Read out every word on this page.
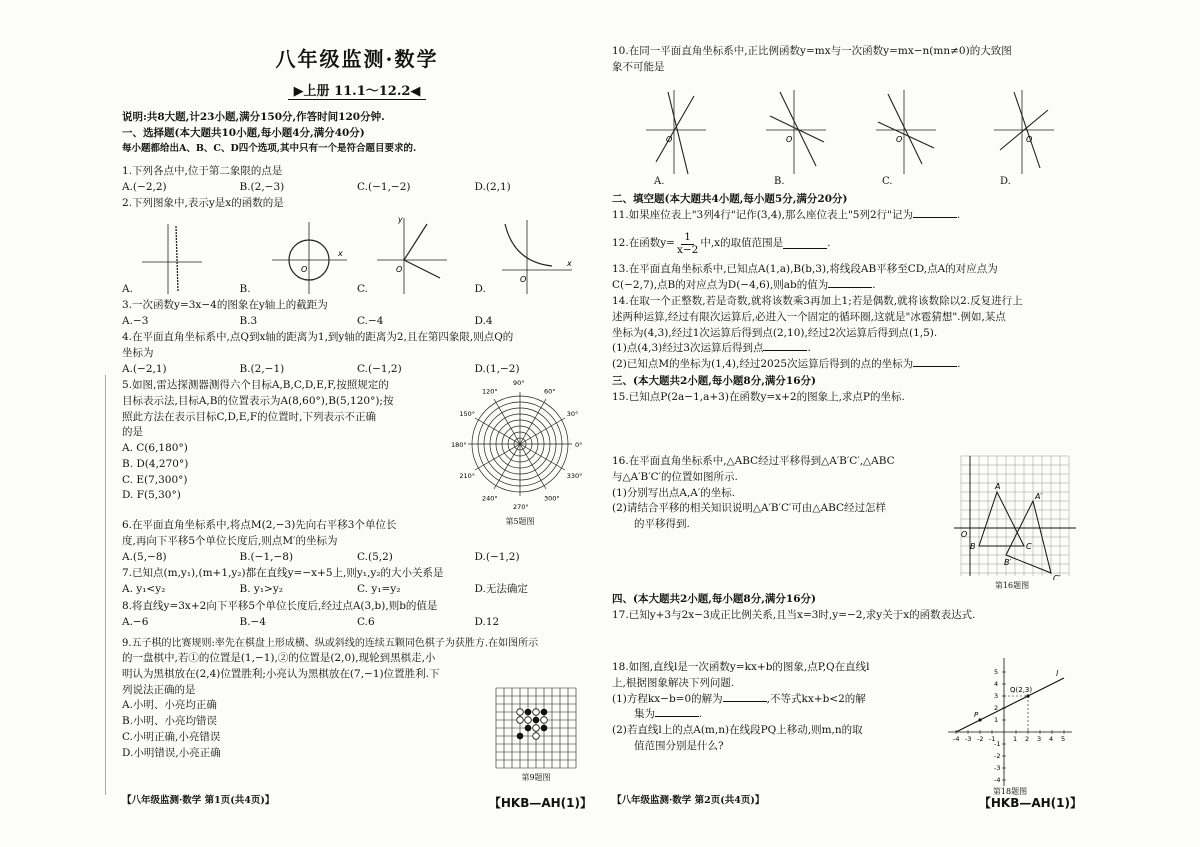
八年级监测·数学
▶上册 11.1～12.2◀
说明:共8大题,计23小题,满分150分,作答时间120分钟.
一、选择题(本大题共10小题,每小题4分,满分40分)
每小题都给出A、B、C、D四个选项,其中只有一个是符合题目要求的.
1.下列各点中,位于第二象限的点是
A.(−2,2)	B.(2,−3)	C.(−1,−2)	D.(2,1)
2.下列图象中,表示y是x的函数的是
O
x
O
y
O
x
A.	B.	C.	D.
3.一次函数y=3x−4的图象在y轴上的截距为
A.−3	B.3	C.−4	D.4
4.在平面直角坐标系中,点Q到x轴的距离为1,到y轴的距离为2,且在第四象限,则点Q的
坐标为
A.(−2,1)	B.(2,−1)	C.(−1,2)	D.(1,−2)
5.如图,雷达探测器测得六个目标A,B,C,D,E,F,按照规定的
目标表示法,目标A,B的位置表示为A(8,60°),B(5,120°);按
照此方法在表示目标C,D,E,F的位置时,下列表示不正确
的是
A. C(6,180°)
B. D(4,270°)
C. E(7,300°)
D. F(5,30°)
90°
60°
30°
0°
330°
300°
270°
240°
210°
180°
150°
120°
第5题图
6.在平面直角坐标系中,将点M(2,−3)先向右平移3个单位长
度,再向下平移5个单位长度后,则点M′的坐标为
A.(5,−8)	B.(−1,−8)	C.(5,2)	D.(−1,2)
7.已知点(m,y₁),(m+1,y₂)都在直线y=−x+5上,则y₁,y₂的大小关系是
A. y₁<y₂	B. y₁>y₂	C. y₁=y₂	D.无法确定
8.将直线y=3x+2向下平移5个单位长度后,经过点A(3,b),则b的值是
A.−6	B.−4	C.6	D.12
9.五子棋的比赛规则:率先在棋盘上形成横、纵或斜线的连续五颗同色棋子为获胜方.在如图所示
的一盘棋中,若①的位置是(1,−1),②的位置是(2,0),现轮到黑棋走,小
明认为黑棋放在(2,4)位置胜利;小亮认为黑棋放在(7,−1)位置胜利.下
列说法正确的是
A.小明、小亮均正确
B.小明、小亮均错误
C.小明正确,小亮错误
D.小明错误,小亮正确
第9题图
【八年级监测·数学 第1页(共4页)】	【HKB—AH(1)】
10.在同一平面直角坐标系中,正比例函数y=mx与一次函数y=mx−n(mn≠0)的大致图
象不可能是
O	O	O	O
A.	B.	C.	D.
二、填空题(本大题共4小题,每小题5分,满分20分)
11.如果座位表上"3列4行"记作(3,4),那么座位表上"5列2行"记为	.
12.在函数$y= \frac{1}{x-2}$ 中,x的取值范围是	.
13.在平面直角坐标系中,已知点A(1,a),B(b,3),将线段AB平移至CD,点A的对应点为
C(−2,7),点B的对应点为D(−4,6),则ab的值为	.
14.在取一个正整数,若是奇数,就将该数乘3再加上1;若是偶数,就将该数除以2.反复进行上
述两种运算,经过有限次运算后,必进入一个固定的循环圈,这就是"冰雹猜想".例如,某点
坐标为(4,3),经过1次运算后得到点(2,10),经过2次运算后得到点(1,5).
(1)点(4,3)经过3次运算后得到点	.
(2)已知点M的坐标为(1,4),经过2025次运算后得到的点的坐标为	.
三、(本大题共2小题,每小题8分,满分16分)
15.已知点P(2a−1,a+3)在函数y=x+2的图象上,求点P的坐标.
16.在平面直角坐标系中,△ABC经过平移得到△A′B′C′,△ABC
与△A′B′C′的位置如图所示.
(1)分别写出点A,A′的坐标.
(2)请结合平移的相关知识说明△A′B′C′可由△ABC经过怎样
的平移得到.
A
A′
B
B′
C
C′
O
第16题图
四、(本大题共2小题,每小题8分,满分16分)
17.已知y+3与2x−3成正比例关系,且当x=3时,y=−2,求y关于x的函数表达式.
18.如图,直线l是一次函数y=kx+b的图象,点P,Q在直线l
上,根据图象解决下列问题.
(1)方程kx−b=0的解为	,不等式kx+b<2的解
集为	.
(2)若直线l上的点A(m,n)在线段PQ上移动,则m,n的取
值范围分别是什么?
-4 -3 -2 -1	1 2 3 4 5
-4
-3
-2
-1
1
2
3
4
5
Q(2,3)
P
l
第18题图
【八年级监测·数学 第2页(共4页)】	【HKB—AH(1)】
